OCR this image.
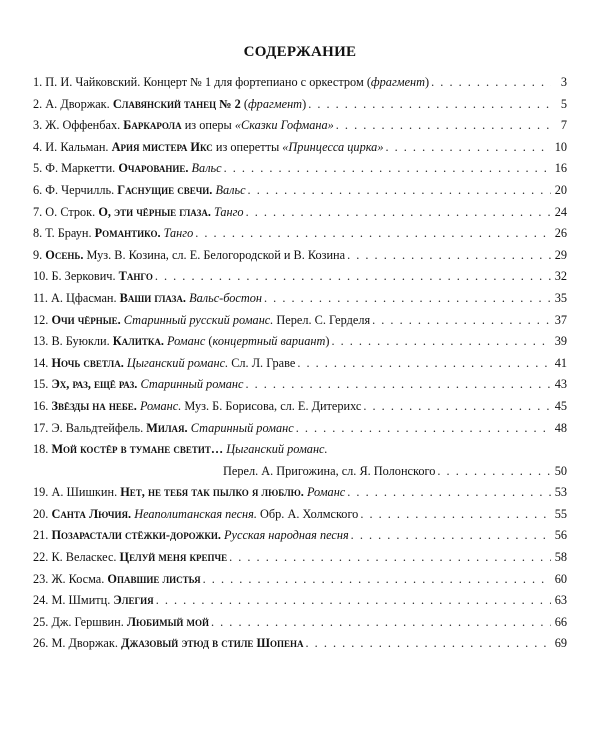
СОДЕРЖАНИЕ
1. П. И. Чайковский. Концерт № 1 для фортепиано с оркестром (фрагмент) . . .	3
2. А. Дворжак. Славянский танец № 2 (фрагмент) . . .	5
3. Ж. Оффенбах. Баркарола из оперы «Сказки Гофмана» . . .	7
4. И. Кальман. Ария мистера Икс из оперетты «Принцесса цирка» . . .	10
5. Ф. Маркетти. Очарование. Вальс . . .	16
6. Ф. Черчилль. Гаснущие свечи. Вальс . . .	20
7. О. Строк. О, эти чёрные глаза. Танго . . .	24
8. Т. Браун. Романтико. Танго . . .	26
9. Осень. Муз. В. Козина, сл. Е. Белогородской и В. Козина . . .	29
10. Б. Зеркович. Танго . . .	32
11. А. Цфасман. Ваши глаза. Вальс-бостон . . .	35
12. Очи чёрные. Старинный русский романс. Перел. С. Герделя . . .	37
13. В. Буюкли. Калитка. Романс (концертный вариант) . . .	39
14. Ночь светла. Цыганский романс. Сл. Л. Граве . . .	41
15. Эх, раз, ещё раз. Старинный романс . . .	43
16. Звёзды на небе. Романс. Муз. Б. Борисова, сл. Е. Дитерихс . . .	45
17. Э. Вальдтейфель. Милая. Старинный романс . . .	48
18. Мой костёр в тумане светит… Цыганский романс.
Перел. А. Пригожина, сл. Я. Полонского . . .	50
19. А. Шишкин. Нет, не тебя так пылко я люблю. Романс . . .	53
20. Санта Лючия. Неаполитанская песня. Обр. А. Холмского . . .	55
21. Позарастали стёжки-дорожки. Русская народная песня . . .	56
22. К. Веласкес. Целуй меня крепче . . .	58
23. Ж. Косма. Опавшие листья . . .	60
24. М. Шмитц. Элегия . . .	63
25. Дж. Гершвин. Любимый мой . . .	66
26. М. Дворжак. Джазовый этюд в стиле Шопена . . .	69
